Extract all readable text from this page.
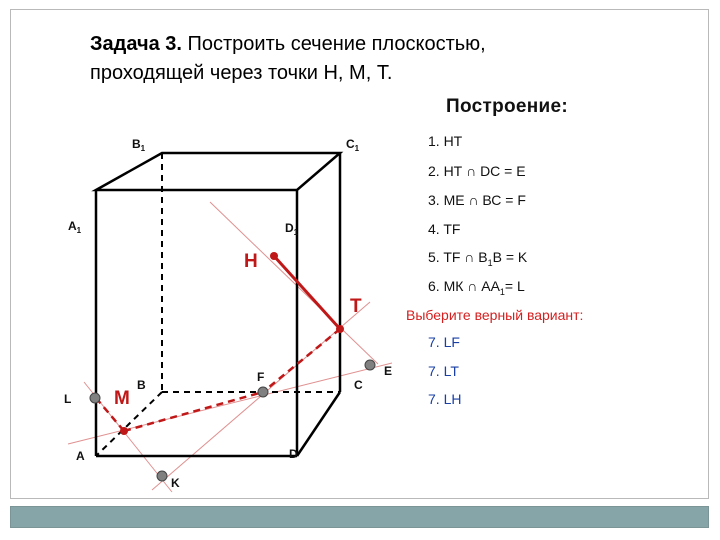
Задача 3. Построить сечение плоскостью,
проходящей через точки Н, М, Т.
Построение:
1. НТ
2. НТ ∩ DC = Е
3. МЕ ∩ ВС = F
4. TF
5. TF ∩ $B_1B = K$
6. МК ∩ $АА_1= L$
Выберите верный вариант:
7. LF
7. LT
7. LH
$В_1$	$С_1$
$А_1$	$D_1$
В	С
А	D
F	E
L
K
Н
Т
М
